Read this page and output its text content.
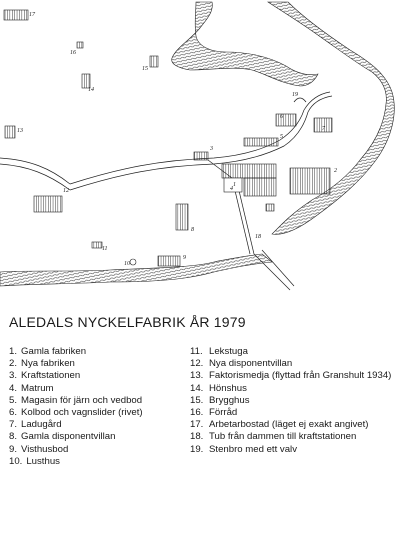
1
2
3
4
5
6
7
8
9
10
11
12
13
14
15
16
17
18
19
ALEDALS NYCKELFABRIK ÅR 1979
1. Gamla fabriken
2. Nya fabriken
3. Kraftstationen
4. Matrum
5. Magasin för järn och vedbod
6. Kolbod och vagnslider (rivet)
7. Ladugård
8. Gamla disponentvillan
9. Visthusbod
10. Lusthus
11. Lekstuga
12. Nya disponentvillan
13. Faktorismedja (flyttad från Granshult 1934)
14. Hönshus
15. Brygghus
16. Förråd
17. Arbetarbostad (läget ej exakt angivet)
18. Tub från dammen till kraftstationen
19. Stenbro med ett valv
